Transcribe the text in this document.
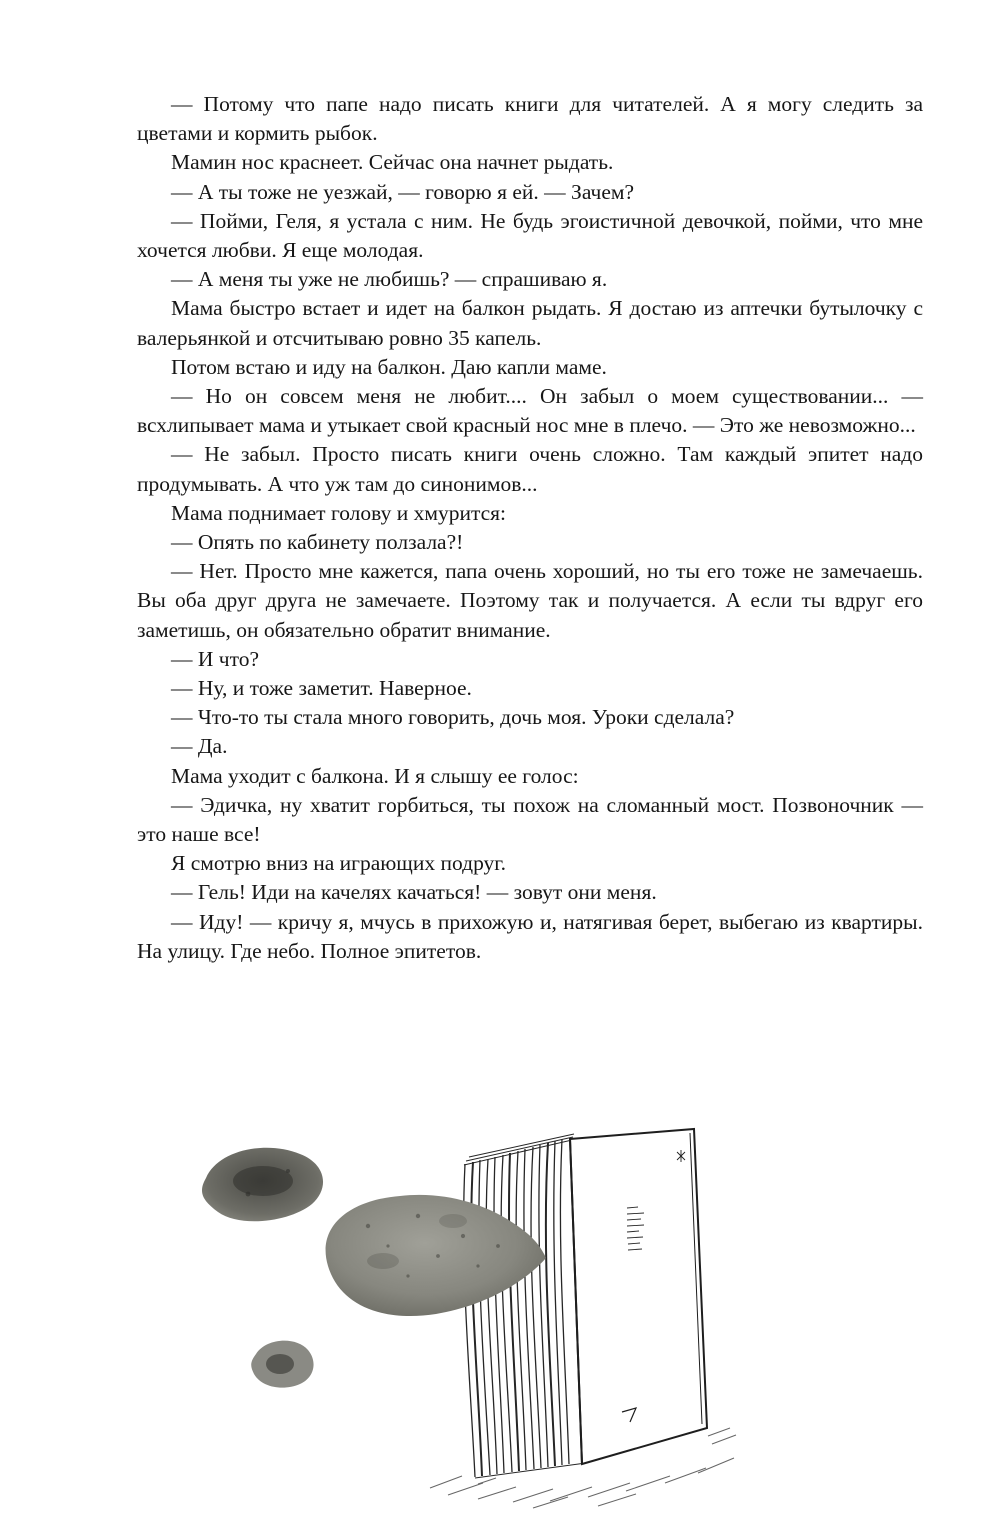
— Потому что папе надо писать книги для читателей. А я могу следить за цветами и кормить рыбок.

Мамин нос краснеет. Сейчас она начнет рыдать.

— А ты тоже не уезжай, — говорю я ей. — Зачем?

— Пойми, Геля, я устала с ним. Не будь эгоистичной девочкой, пойми, что мне хочется любви. Я еще молодая.

— А меня ты уже не любишь? — спрашиваю я.

Мама быстро встает и идет на балкон рыдать. Я достаю из аптечки бутылочку с валерьянкой и отсчитываю ровно 35 капель.

Потом встаю и иду на балкон. Даю капли маме.

— Но он совсем меня не любит.... Он забыл о моем существовании... — всхлипывает мама и утыкает свой красный нос мне в плечо. — Это же невозможно...

— Не забыл. Просто писать книги очень сложно. Там каждый эпитет надо продумывать. А что уж там до синонимов...

Мама поднимает голову и хмурится:

— Опять по кабинету ползала?!

— Нет. Просто мне кажется, папа очень хороший, но ты его тоже не замечаешь. Вы оба друг друга не замечаете. Поэтому так и получается. А если ты вдруг его заметишь, он обязательно обратит внимание.

— И что?

— Ну, и тоже заметит. Наверное.

— Что-то ты стала много говорить, дочь моя. Уроки сделала?

— Да.

Мама уходит с балкона. И я слышу ее голос:

— Эдичка, ну хватит горбиться, ты похож на сломанный мост. Позвоночник — это наше все!

Я смотрю вниз на играющих подруг.

— Гель! Иди на качелях качаться! — зовут они меня.

— Иду! — кричу я, мчусь в прихожую и, натягивая берет, выбегаю из квартиры. На улицу. Где небо. Полное эпитетов.
